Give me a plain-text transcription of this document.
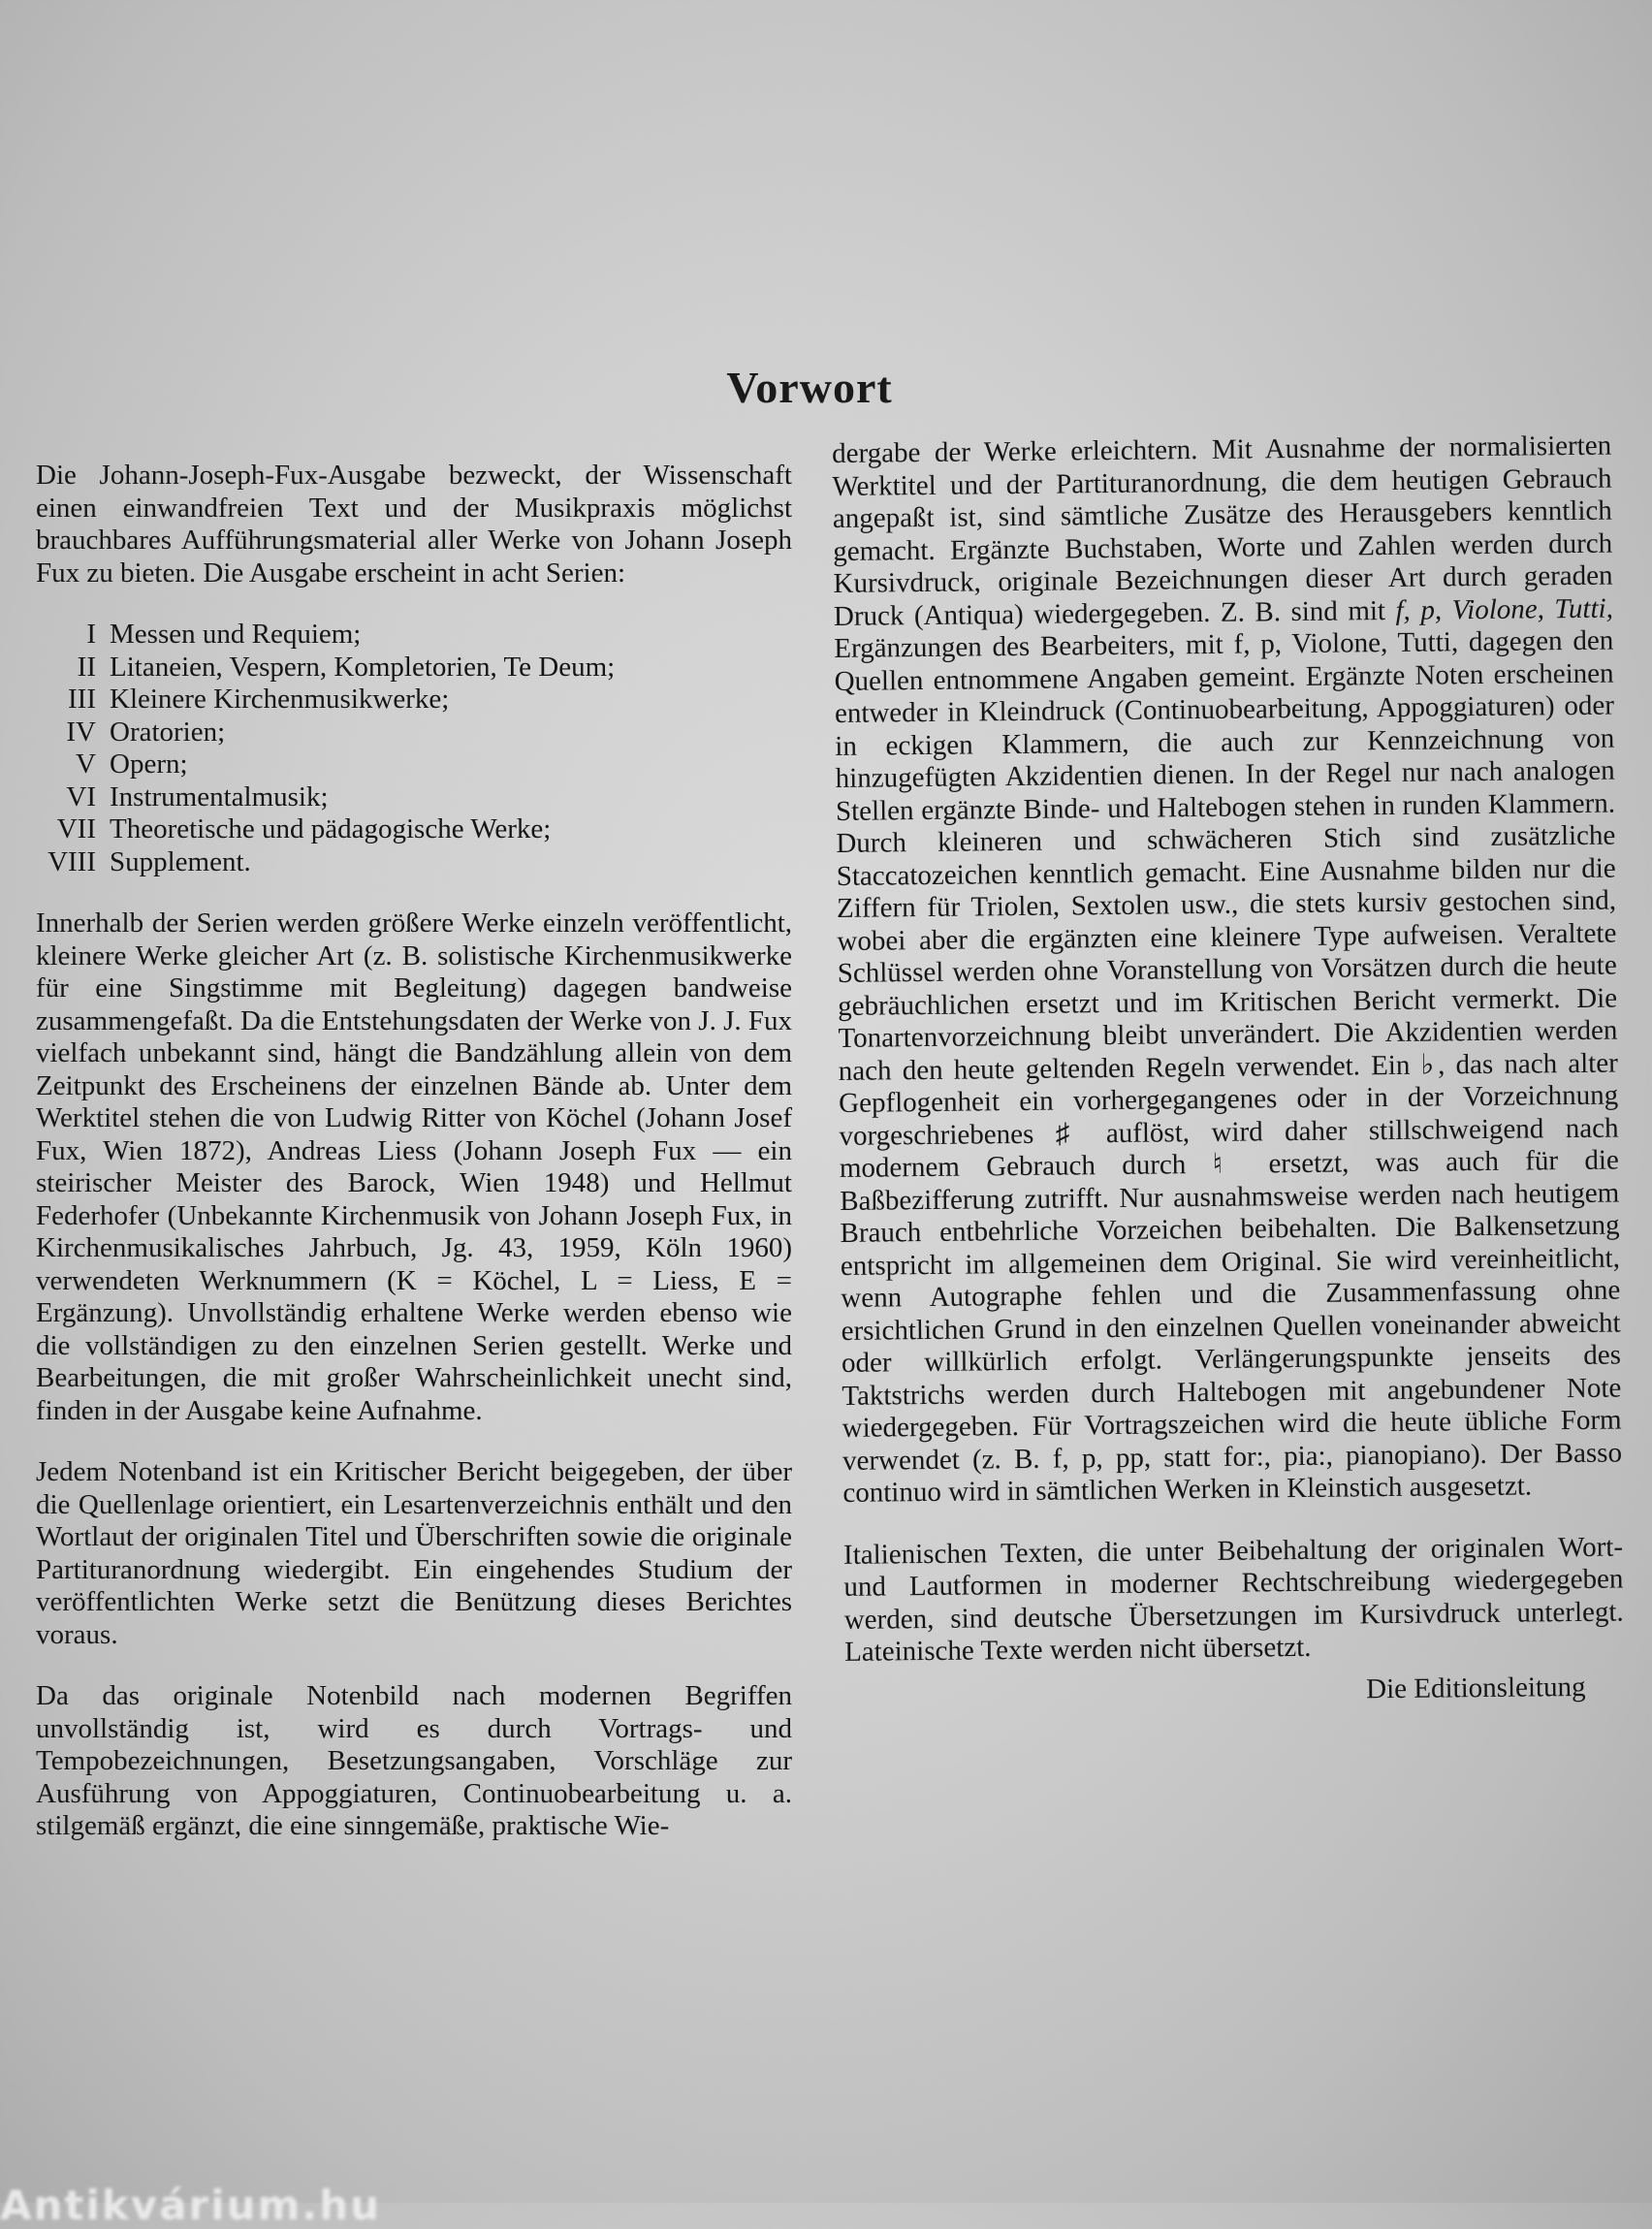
Vorwort

Die Johann-Joseph-Fux-Ausgabe bezweckt, der Wissenschaft einen einwandfreien Text und der Musikpraxis möglichst brauchbares Aufführungsmaterial aller Werke von Johann Joseph Fux zu bieten. Die Ausgabe erscheint in acht Serien:

I Messen und Requiem;
II Litaneien, Vespern, Kompletorien, Te Deum;
III Kleinere Kirchenmusikwerke;
IV Oratorien;
V Opern;
VI Instrumentalmusik;
VII Theoretische und pädagogische Werke;
VIII Supplement.

Innerhalb der Serien werden größere Werke einzeln veröffentlicht, kleinere Werke gleicher Art (z. B. solistische Kirchenmusikwerke für eine Singstimme mit Begleitung) dagegen bandweise zusammengefaßt. Da die Entstehungsdaten der Werke von J. J. Fux vielfach unbekannt sind, hängt die Bandzählung allein von dem Zeitpunkt des Erscheinens der einzelnen Bände ab. Unter dem Werktitel stehen die von Ludwig Ritter von Köchel (Johann Josef Fux, Wien 1872), Andreas Liess (Johann Joseph Fux — ein steirischer Meister des Barock, Wien 1948) und Hellmut Federhofer (Unbekannte Kirchenmusik von Johann Joseph Fux, in Kirchenmusikalisches Jahrbuch, Jg. 43, 1959, Köln 1960) verwendeten Werknummern (K = Köchel, L = Liess, E = Ergänzung). Unvollständig erhaltene Werke werden ebenso wie die vollständigen zu den einzelnen Serien gestellt. Werke und Bearbeitungen, die mit großer Wahrscheinlichkeit unecht sind, finden in der Ausgabe keine Aufnahme.

Jedem Notenband ist ein Kritischer Bericht beigegeben, der über die Quellenlage orientiert, ein Lesartenverzeichnis enthält und den Wortlaut der originalen Titel und Überschriften sowie die originale Partituranordnung wiedergibt. Ein eingehendes Studium der veröffentlichten Werke setzt die Benützung dieses Berichtes voraus.

Da das originale Notenbild nach modernen Begriffen unvollständig ist, wird es durch Vortrags- und Tempobezeichnungen, Besetzungsangaben, Vorschläge zur Ausführung von Appoggiaturen, Continuobearbeitung u. a. stilgemäß ergänzt, die eine sinngemäße, praktische Wie-

dergabe der Werke erleichtern. Mit Ausnahme der normalisierten Werktitel und der Partituranordnung, die dem heutigen Gebrauch angepaßt ist, sind sämtliche Zusätze des Herausgebers kenntlich gemacht. Ergänzte Buchstaben, Worte und Zahlen werden durch Kursivdruck, originale Bezeichnungen dieser Art durch geraden Druck (Antiqua) wiedergegeben. Z. B. sind mit f, p, Violone, Tutti, Ergänzungen des Bearbeiters, mit f, p, Violone, Tutti, dagegen den Quellen entnommene Angaben gemeint. Ergänzte Noten erscheinen entweder in Kleindruck (Continuobearbeitung, Appoggiaturen) oder in eckigen Klammern, die auch zur Kennzeichnung von hinzugefügten Akzidentien dienen. In der Regel nur nach analogen Stellen ergänzte Binde- und Haltebogen stehen in runden Klammern. Durch kleineren und schwächeren Stich sind zusätzliche Staccatozeichen kenntlich gemacht. Eine Ausnahme bilden nur die Ziffern für Triolen, Sextolen usw., die stets kursiv gestochen sind, wobei aber die ergänzten eine kleinere Type aufweisen. Veraltete Schlüssel werden ohne Voranstellung von Vorsätzen durch die heute gebräuchlichen ersetzt und im Kritischen Bericht vermerkt. Die Tonartenvorzeichnung bleibt unverändert. Die Akzidentien werden nach den heute geltenden Regeln verwendet. Ein ♭, das nach alter Gepflogenheit ein vorhergegangenes oder in der Vorzeichnung vorgeschriebenes ♯ auflöst, wird daher stillschweigend nach modernem Gebrauch durch ♮ ersetzt, was auch für die Baßbezifferung zutrifft. Nur ausnahmsweise werden nach heutigem Brauch entbehrliche Vorzeichen beibehalten. Die Balkensetzung entspricht im allgemeinen dem Original. Sie wird vereinheitlicht, wenn Autographe fehlen und die Zusammenfassung ohne ersichtlichen Grund in den einzelnen Quellen voneinander abweicht oder willkürlich erfolgt. Verlängerungspunkte jenseits des Taktstrichs werden durch Haltebogen mit angebundener Note wiedergegeben. Für Vortragszeichen wird die heute übliche Form verwendet (z. B. f, p, pp, statt for:, pia:, pianopiano). Der Basso continuo wird in sämtlichen Werken in Kleinstich ausgesetzt.

Italienischen Texten, die unter Beibehaltung der originalen Wort- und Lautformen in moderner Rechtschreibung wiedergegeben werden, sind deutsche Übersetzungen im Kursivdruck unterlegt. Lateinische Texte werden nicht übersetzt.

Die Editionsleitung
Antikvárium.hu
